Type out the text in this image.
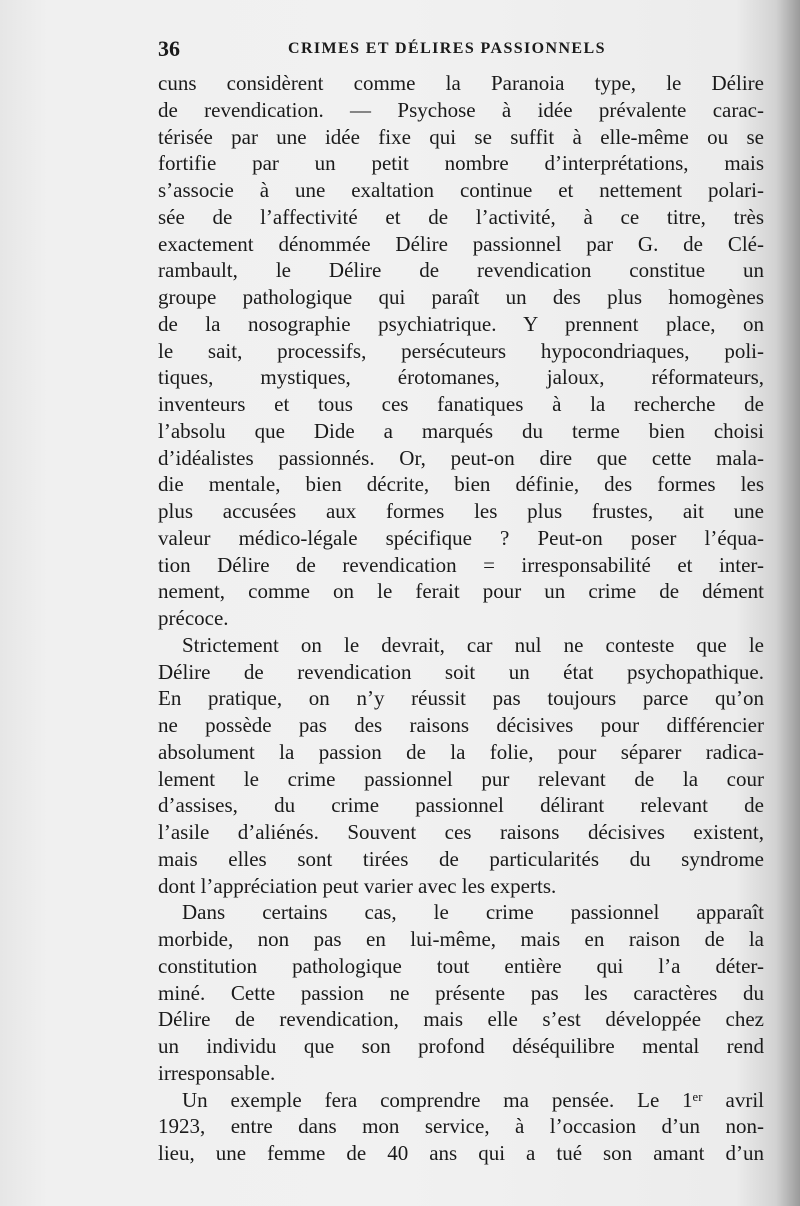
36	CRIMES ET DÉLIRES PASSIONNELS
cuns considèrent comme la Paranoia type, le Délire
de revendication. — Psychose à idée prévalente carac-
térisée par une idée fixe qui se suffit à elle-même ou se
fortifie par un petit nombre d’interprétations, mais
s’associe à une exaltation continue et nettement polari-
sée de l’affectivité et de l’activité, à ce titre, très
exactement dénommée Délire passionnel par G. de Clé-
rambault, le Délire de revendication constitue un
groupe pathologique qui paraît un des plus homogènes
de la nosographie psychiatrique. Y prennent place, on
le sait, processifs, persécuteurs hypocondriaques, poli-
tiques, mystiques, érotomanes, jaloux, réformateurs,
inventeurs et tous ces fanatiques à la recherche de
l’absolu que Dide a marqués du terme bien choisi
d’idéalistes passionnés. Or, peut-on dire que cette mala-
die mentale, bien décrite, bien définie, des formes les
plus accusées aux formes les plus frustes, ait une
valeur médico-légale spécifique ? Peut-on poser l’équa-
tion Délire de revendication = irresponsabilité et inter-
nement, comme on le ferait pour un crime de dément
précoce.
Strictement on le devrait, car nul ne conteste que le
Délire de revendication soit un état psychopathique.
En pratique, on n’y réussit pas toujours parce qu’on
ne possède pas des raisons décisives pour différencier
absolument la passion de la folie, pour séparer radica-
lement le crime passionnel pur relevant de la cour
d’assises, du crime passionnel délirant relevant de
l’asile d’aliénés. Souvent ces raisons décisives existent,
mais elles sont tirées de particularités du syndrome
dont l’appréciation peut varier avec les experts.
Dans certains cas, le crime passionnel apparaît
morbide, non pas en lui-même, mais en raison de la
constitution pathologique tout entière qui l’a déter-
miné. Cette passion ne présente pas les caractères du
Délire de revendication, mais elle s’est développée chez
un individu que son profond déséquilibre mental rend
irresponsable.
Un exemple fera comprendre ma pensée. Le 1ᵉʳ avril
1923, entre dans mon service, à l’occasion d’un non-
lieu, une femme de 40 ans qui a tué son amant d’un
